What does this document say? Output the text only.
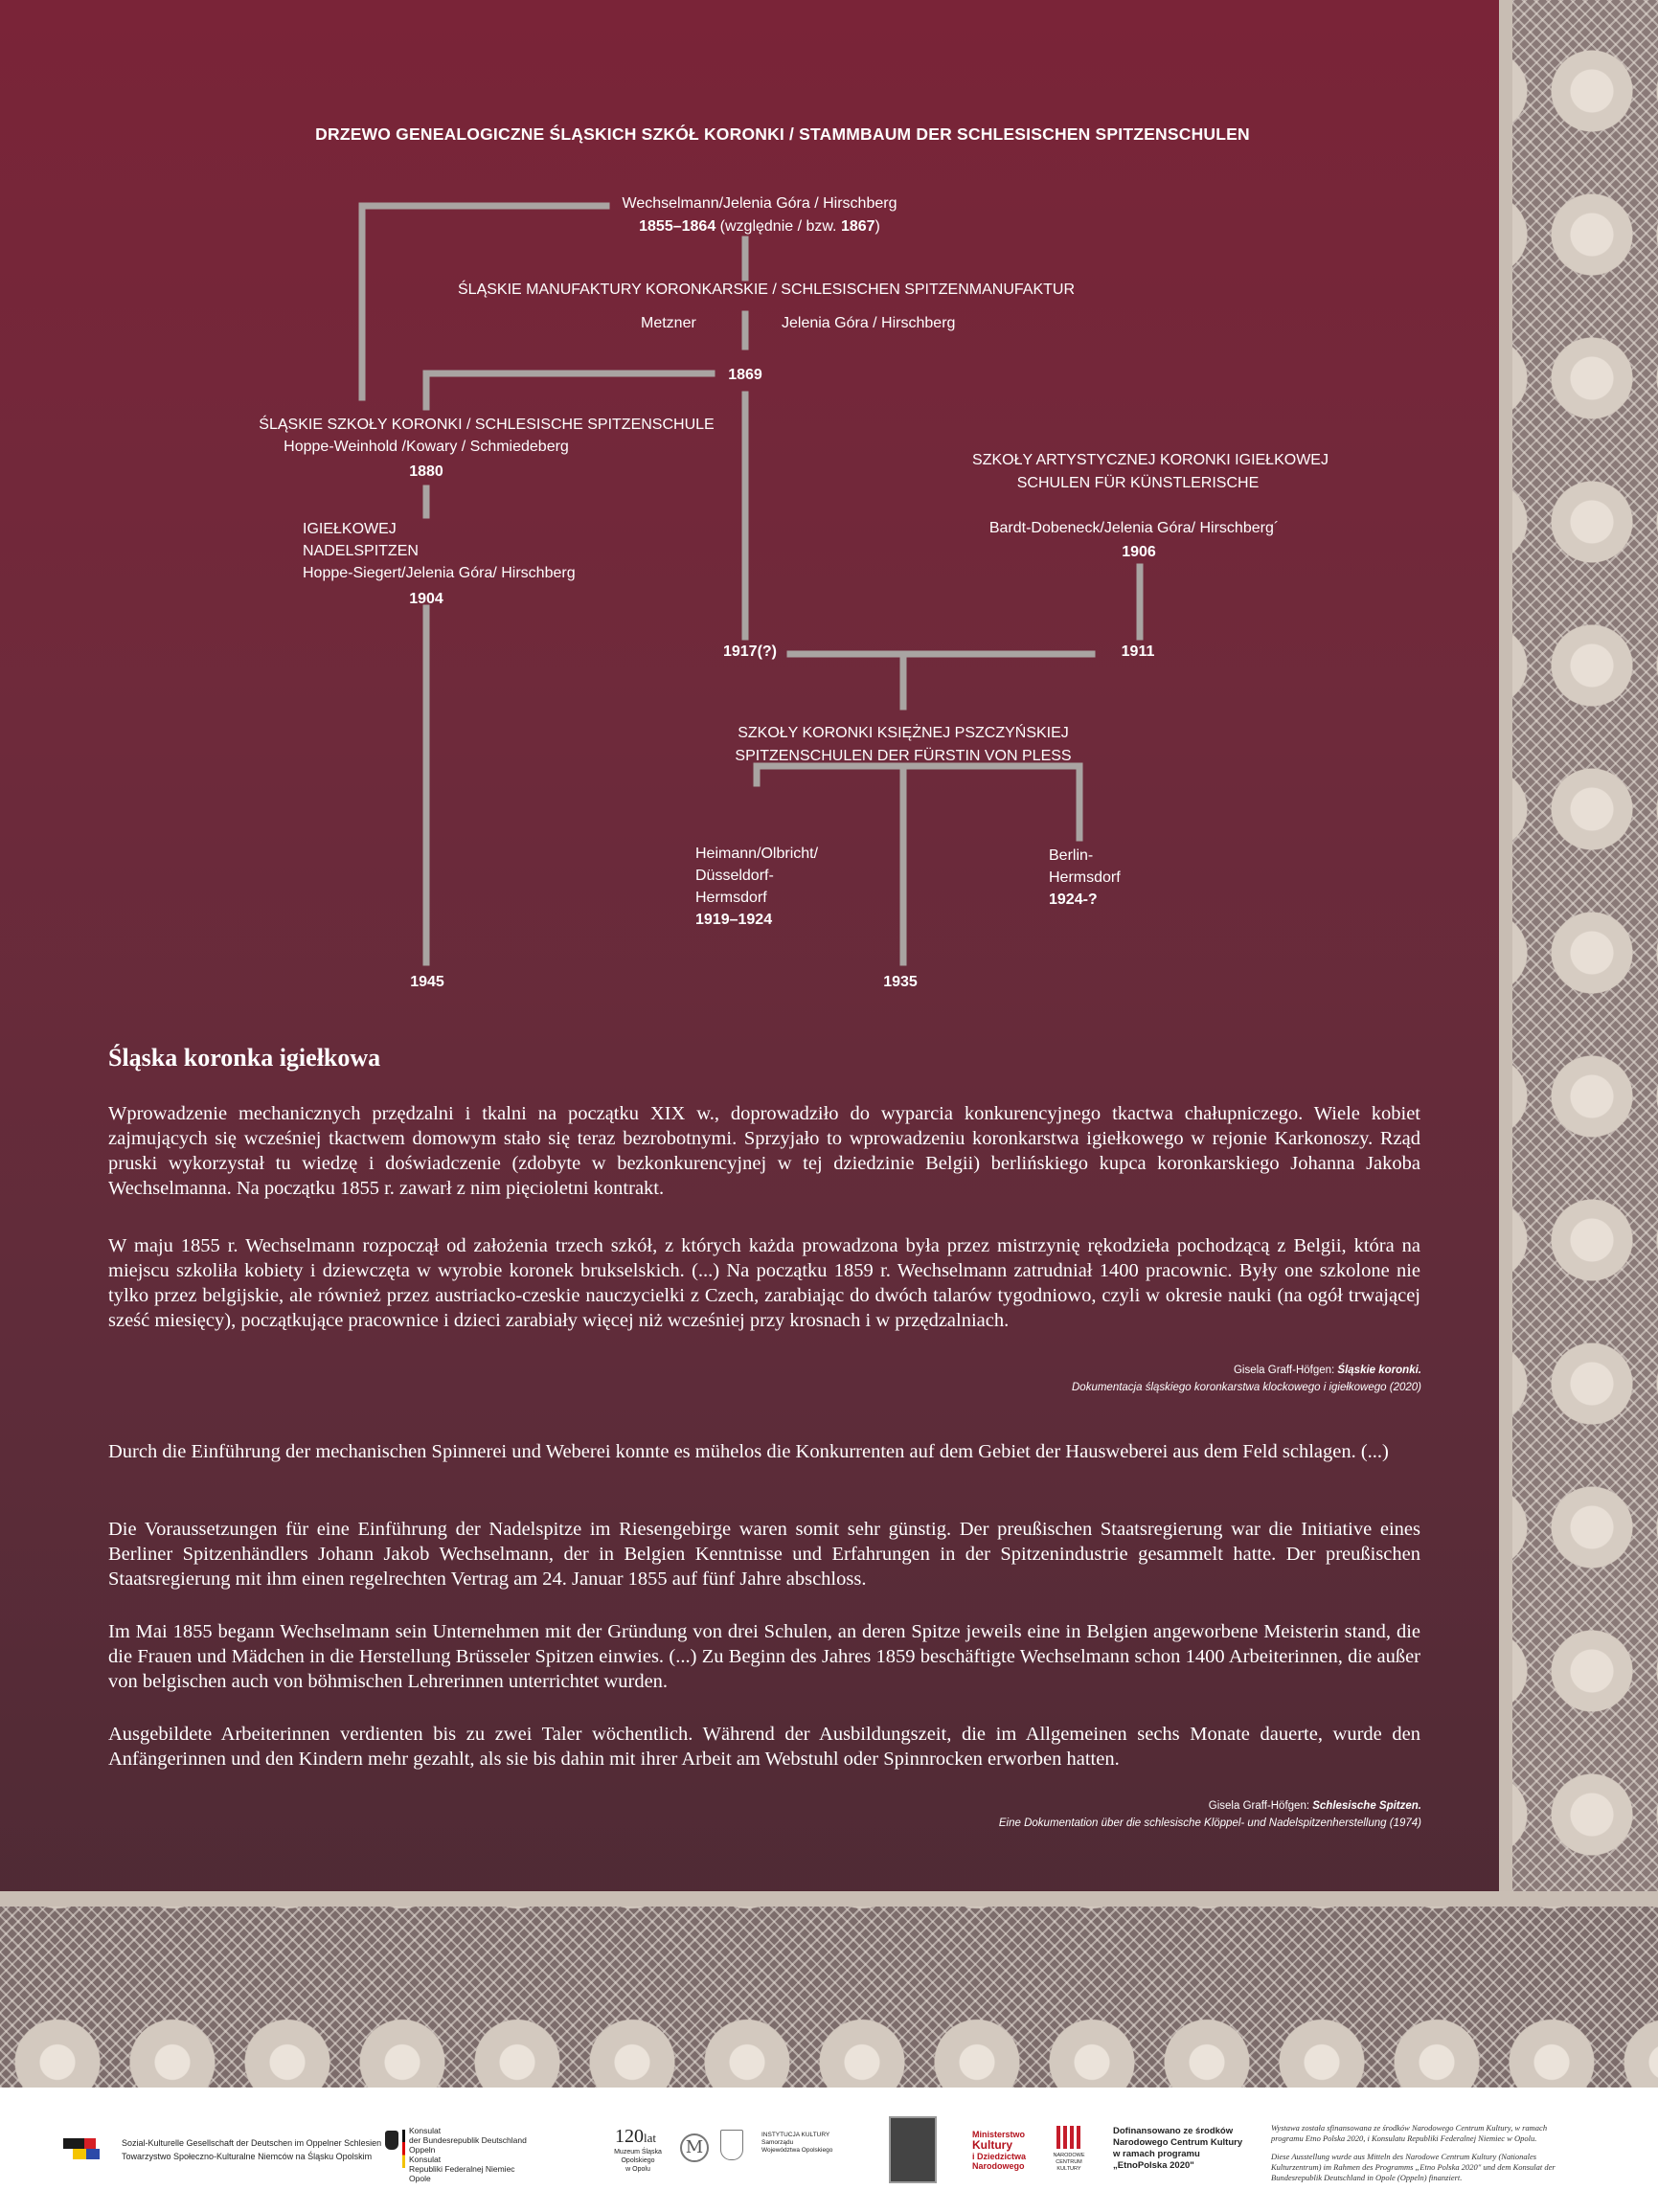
DRZEWO GENEALOGICZNE ŚLĄSKICH SZKÓŁ KORONKI / STAMMBAUM DER SCHLESISCHEN SPITZENSCHULEN
Wechselmann/Jelenia Góra / Hirschberg
1855–1864 (względnie / bzw. 1867)
ŚLĄSKIE MANUFAKTURY KORONKARSKIE / SCHLESISCHEN SPITZENMANUFAKTUR
Metzner	Jelenia Góra / Hirschberg
1869
ŚLĄSKIE SZKOŁY KORONKI / SCHLESISCHE SPITZENSCHULE
Hoppe-Weinhold /Kowary / Schmiedeberg
1880
IGIEŁKOWEJ
NADELSPITZEN
Hoppe-Siegert/Jelenia Góra/ Hirschberg
1904
SZKOŁY ARTYSTYCZNEJ KORONKI IGIEŁKOWEJ
SCHULEN FÜR KÜNSTLERISCHE
Bardt-Dobeneck/Jelenia Góra/ Hirschberg´
1906
1917(?)	1911
SZKOŁY KORONKI KSIĘŻNEJ PSZCZYŃSKIEJ
SPITZENSCHULEN DER FÜRSTIN VON PLESS
Heimann/Olbricht/
Düsseldorf-
Hermsdorf
1919–1924
Berlin-
Hermsdorf
1924-?
1945	1935
Śląska koronka igiełkowa

Wprowadzenie mechanicznych przędzalni i tkalni na początku XIX w., doprowadziło do wyparcia konkurencyjnego tkactwa chałupniczego. Wiele kobiet zajmujących się wcześniej tkactwem domowym stało się teraz bezrobotnymi. Sprzyjało to wprowadzeniu koronkarstwa igiełkowego w rejonie Karkonoszy. Rząd pruski wykorzystał tu wiedzę i doświadczenie (zdobyte w bezkonkurencyjnej w tej dziedzinie Belgii) berlińskiego kupca koronkarskiego Johanna Jakoba Wechselmanna. Na początku 1855 r. zawarł z nim pięcioletni kontrakt.

W maju 1855 r. Wechselmann rozpoczął od założenia trzech szkół, z których każda prowadzona była przez mistrzynię rękodzieła pochodzącą z Belgii, która na miejscu szkoliła kobiety i dziewczęta w wyrobie koronek brukselskich. (...) Na początku 1859 r. Wechselmann zatrudniał 1400 pracownic. Były one szkolone nie tylko przez belgijskie, ale również przez austriacko-czeskie nauczycielki z Czech, zarabiając do dwóch talarów tygodniowo, czyli w okresie nauki (na ogół trwającej sześć miesięcy), początkujące pracownice i dzieci zarabiały więcej niż wcześniej przy krosnach i w przędzalniach.

Gisela Graff-Höfgen: Śląskie koronki.
Dokumentacja śląskiego koronkarstwa klockowego i igiełkowego (2020)

Durch die Einführung der mechanischen Spinnerei und Weberei konnte es mühelos die Konkurrenten auf dem Gebiet der Hausweberei aus dem Feld schlagen. (...)

Die Voraussetzungen für eine Einführung der Nadelspitze im Riesengebirge waren somit sehr günstig. Der preußischen Staatsregierung war die Initiative eines Berliner Spitzenhändlers Johann Jakob Wechselmann, der in Belgien Kenntnisse und Erfahrungen in der Spitzenindustrie gesammelt hatte. Der preußischen Staatsregierung mit ihm einen regelrechten Vertrag am 24. Januar 1855 auf fünf Jahre abschloss.

Im Mai 1855 begann Wechselmann sein Unternehmen mit der Gründung von drei Schulen, an deren Spitze jeweils eine in Belgien angeworbene Meisterin stand, die die Frauen und Mädchen in die Herstellung Brüsseler Spitzen einwies. (...) Zu Beginn des Jahres 1859 beschäftigte Wechselmann schon 1400 Arbeiterinnen, die außer von belgischen auch von böhmischen Lehrerinnen unterrichtet wurden.

Ausgebildete Arbeiterinnen verdienten bis zu zwei Taler wöchentlich. Während der Ausbildungszeit, die im Allgemeinen sechs Monate dauerte, wurde den Anfängerinnen und den Kindern mehr gezahlt, als sie bis dahin mit ihrer Arbeit am Webstuhl oder Spinnrocken erworben hatten.

Gisela Graff-Höfgen: Schlesische Spitzen.
Eine Dokumentation über die schlesische Klöppel- und Nadelspitzenherstellung (1974)
Sozial-Kulturelle Gesellschaft der Deutschen im Oppelner Schlesien
Towarzystwo Społeczno-Kulturalne Niemców na Śląsku Opolskim
Konsulat
der Bundesrepublik Deutschland
Oppeln
Konsulat
Republiki Federalnej Niemiec
Opole
120lat
Muzeum Śląska Opolskiego
w Opolu
M
INSTYTUCJA KULTURY
Samorządu
Województwa Opolskiego
Ministerstwo
Kultury
i Dziedzictwa
Narodowego
NARODOWE
CENTRUM
KULTURY
Dofinansowano ze środków
Narodowego Centrum Kultury
w ramach programu
„EtnoPolska 2020"
Wystawa została sfinansowana ze środków Narodowego Centrum Kultury, w ramach programu Etno Polska 2020, i Konsulatu Republiki Federalnej Niemiec w Opolu.
Diese Ausstellung wurde aus Mitteln des Narodowe Centrum Kultury (Nationales Kulturzentrum) im Rahmen des Programms „Etno Polska 2020" und dem Konsulat der Bundesrepublik Deutschland in Opole (Oppeln) finanziert.
